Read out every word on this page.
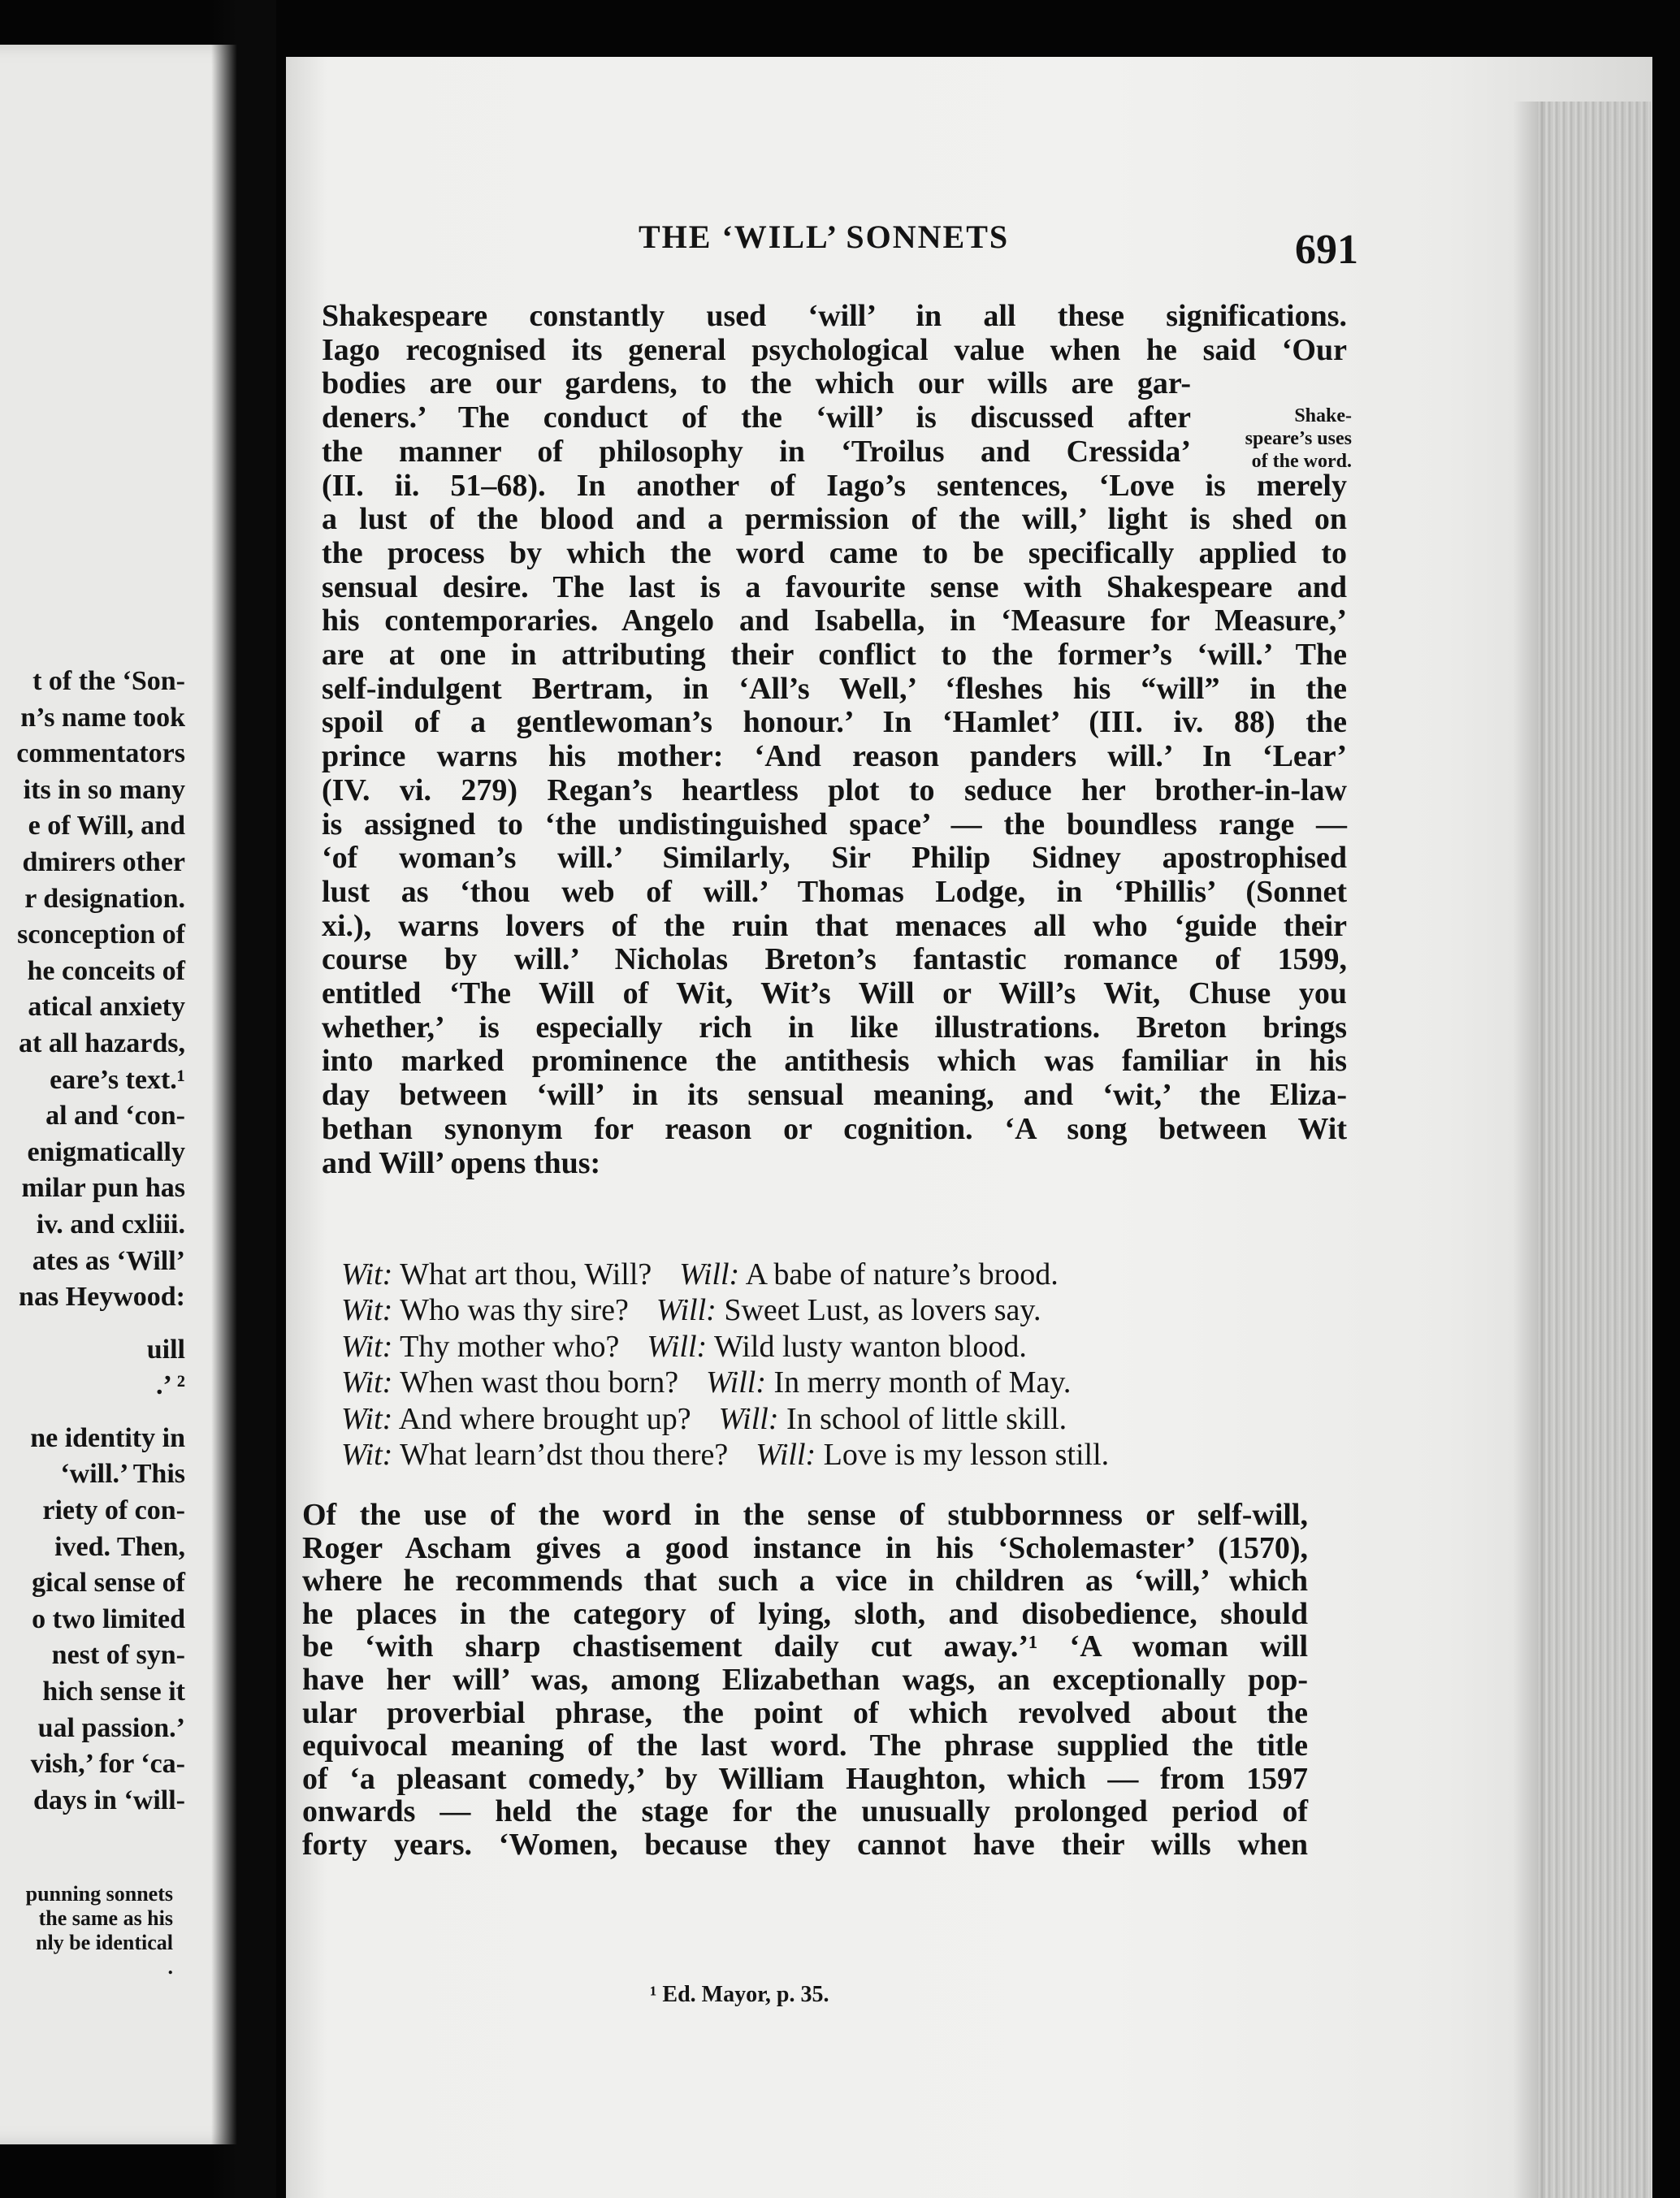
t of the ‘Son-
n’s name took
commentators
its in so many
e of Will, and
dmirers other
r designation.
sconception of
he conceits of
atical anxiety
at all hazards,
eare’s text.¹
al and ‘con-
enigmatically
milar pun has
iv. and cxliii.
ates as ‘Will’
nas Heywood:
uill
.’ ²
ne identity in
‘will.’ This
riety of con-
ived. Then,
gical sense of
o two limited
nest of syn-
hich sense it
ual passion.’
vish,’ for ‘ca-
days in ‘will-
punning sonnets
the same as his
nly be identical
.
THE ‘WILL’ SONNETS	691
Shakespeare constantly used ‘will’ in all these significations.
Iago recognised its general psychological value when he said ‘Our
bodies are our gardens, to the which our wills are gar-
deners.’ The conduct of the ‘will’ is discussed after
the manner of philosophy in ‘Troilus and Cressida’
(II. ii. 51–68). In another of Iago’s sentences, ‘Love is merely
a lust of the blood and a permission of the will,’ light is shed on
the process by which the word came to be specifically applied to
sensual desire. The last is a favourite sense with Shakespeare and
his contemporaries. Angelo and Isabella, in ‘Measure for Measure,’
are at one in attributing their conflict to the former’s ‘will.’ The
self-indulgent Bertram, in ‘All’s Well,’ ‘fleshes his “will” in the
spoil of a gentlewoman’s honour.’ In ‘Hamlet’ (III. iv. 88) the
prince warns his mother: ‘And reason panders will.’ In ‘Lear’
(IV. vi. 279) Regan’s heartless plot to seduce her brother-in-law
is assigned to ‘the undistinguished space’ — the boundless range —
‘of woman’s will.’ Similarly, Sir Philip Sidney apostrophised
lust as ‘thou web of will.’ Thomas Lodge, in ‘Phillis’ (Sonnet
xi.), warns lovers of the ruin that menaces all who ‘guide their
course by will.’ Nicholas Breton’s fantastic romance of 1599,
entitled ‘The Will of Wit, Wit’s Will or Will’s Wit, Chuse you
whether,’ is especially rich in like illustrations. Breton brings
into marked prominence the antithesis which was familiar in his
day between ‘will’ in its sensual meaning, and ‘wit,’ the Eliza-
bethan synonym for reason or cognition. ‘A song between Wit
and Will’ opens thus:
Shake-
speare’s uses
of the word.
Wit: What art thou, Will? Will: A babe of nature’s brood.
Wit: Who was thy sire? Will: Sweet Lust, as lovers say.
Wit: Thy mother who? Will: Wild lusty wanton blood.
Wit: When wast thou born? Will: In merry month of May.
Wit: And where brought up? Will: In school of little skill.
Wit: What learn’dst thou there? Will: Love is my lesson still.
Of the use of the word in the sense of stubbornness or self-will,
Roger Ascham gives a good instance in his ‘Scholemaster’ (1570),
where he recommends that such a vice in children as ‘will,’ which
he places in the category of lying, sloth, and disobedience, should
be ‘with sharp chastisement daily cut away.’¹ ‘A woman will
have her will’ was, among Elizabethan wags, an exceptionally pop-
ular proverbial phrase, the point of which revolved about the
equivocal meaning of the last word. The phrase supplied the title
of ‘a pleasant comedy,’ by William Haughton, which — from 1597
onwards — held the stage for the unusually prolonged period of
forty years. ‘Women, because they cannot have their wills when
¹ Ed. Mayor, p. 35.
